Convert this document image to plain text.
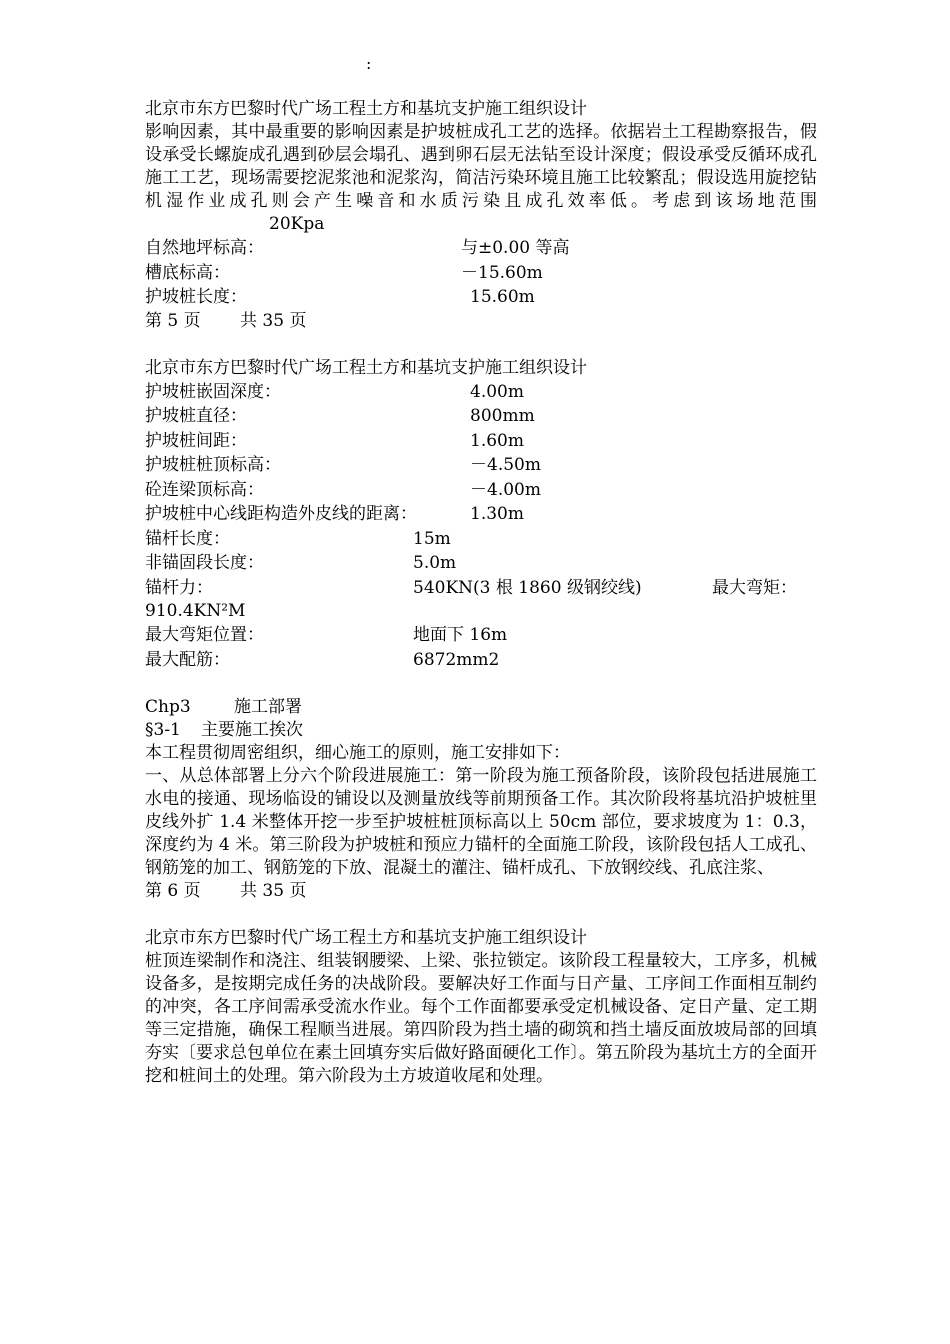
:
北京市东方巴黎时代广场工程土方和基坑支护施工组织设计
影响因素，其中最重要的影响因素是护坡桩成孔工艺的选择。依据岩土工程勘察报告，假设承受长螺旋成孔遇到砂层会塌孔、遇到卵石层无法钻至设计深度；假设承受反循环成孔施工工艺，现场需要挖泥浆池和泥浆沟，简洁污染环境且施工比较繁乱；假设选用旋挖钻机湿作业成孔则会产生噪音和水质污染且成孔效率低。考虑到该场地范围20Kpa
自然地坪标高：	与±0.00 等高
槽底标高：	－15.60m
护坡桩长度：	15.60m
第 5 页 共 35 页
北京市东方巴黎时代广场工程土方和基坑支护施工组织设计
护坡桩嵌固深度：	4.00m
护坡桩直径：	800mm
护坡桩间距：	1.60m
护坡桩桩顶标高：	－4.50m
砼连梁顶标高：	－4.00m
护坡桩中心线距构造外皮线的距离：	1.30m
锚杆长度：	15m
非锚固段长度：	5.0m
锚杆力：	540KN(3 根 1860 级钢绞线)	最大弯矩：
910.4KN²M
最大弯矩位置：	地面下 16m
最大配筋：	6872mm2
Chp3	施工部署
§3-1 主要施工挨次
本工程贯彻周密组织，细心施工的原则，施工安排如下：
一、从总体部署上分六个阶段进展施工：第一阶段为施工预备阶段，该阶段包括进展施工水电的接通、现场临设的铺设以及测量放线等前期预备工作。其次阶段将基坑沿护坡桩里皮线外扩 1.4 米整体开挖一步至护坡桩桩顶标高以上 50cm 部位，要求坡度为 1：0.3，深度约为 4 米。第三阶段为护坡桩和预应力锚杆的全面施工阶段，该阶段包括人工成孔、钢筋笼的加工、钢筋笼的下放、混凝土的灌注、锚杆成孔、下放钢绞线、孔底注浆、
第 6 页 共 35 页
北京市东方巴黎时代广场工程土方和基坑支护施工组织设计
桩顶连梁制作和浇注、组装钢腰梁、上梁、张拉锁定。该阶段工程量较大，工序多，机械设备多，是按期完成任务的决战阶段。要解决好工作面与日产量、工序间工作面相互制约的冲突，各工序间需承受流水作业。每个工作面都要承受定机械设备、定日产量、定工期等三定措施，确保工程顺当进展。第四阶段为挡土墙的砌筑和挡土墙反面放坡局部的回填夯实〔要求总包单位在素土回填夯实后做好路面硬化工作〕。第五阶段为基坑土方的全面开挖和桩间土的处理。第六阶段为土方坡道收尾和处理。
